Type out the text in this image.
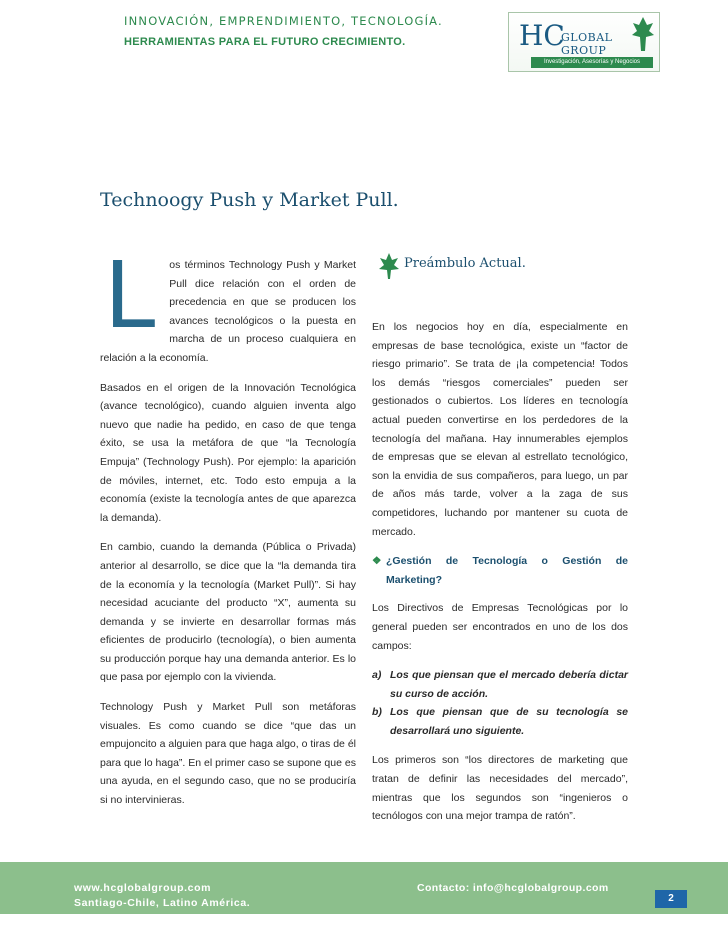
INNOVACIÓN, EMPRENDIMIENTO, TECNOLOGÍA.
HERRAMIENTAS PARA EL FUTURO CRECIMIENTO.	HC
GLOBAL GROUP
Investigación, Asesorías y Negocios
Technoogy Push y Market Pull.

L os términos Technology Push y Market Pull dice relación con el orden de precedencia en que se producen los avances tecnológicos o la puesta en marcha de un proceso cualquiera en relación a la economía.

Basados en el origen de la Innovación Tecnológica (avance tecnológico), cuando alguien inventa algo nuevo que nadie ha pedido, en caso de que tenga éxito, se usa la metáfora de que “la Tecnología Empuja” (Technology Push). Por ejemplo: la aparición de móviles, internet, etc. Todo esto empuja a la economía (existe la tecnología antes de que aparezca la demanda).

En cambio, cuando la demanda (Pública o Privada) anterior al desarrollo, se dice que la “la demanda tira de la economía y la tecnología (Market Pull)”. Si hay necesidad acuciante del producto “X”, aumenta su demanda y se invierte en desarrollar formas más eficientes de producirlo (tecnología), o bien aumenta su producción porque hay una demanda anterior. Es lo que pasa por ejemplo con la vivienda.

Technology Push y Market Pull son metáforas visuales. Es como cuando se dice “que das un empujoncito a alguien para que haga algo, o tiras de él para que lo haga”. En el primer caso se supone que es una ayuda, en el segundo caso, que no se produciría si no intervinieras.

Preámbulo Actual.

En los negocios hoy en día, especialmente en empresas de base tecnológica, existe un “factor de riesgo primario”. Se trata de ¡la competencia! Todos los demás “riesgos comerciales” pueden ser gestionados o cubiertos. Los líderes en tecnología actual pueden convertirse en los perdedores de la tecnología del mañana. Hay innumerables ejemplos de empresas que se elevan al estrellato tecnológico, son la envidia de sus compañeros, para luego, un par de años más tarde, volver a la zaga de sus competidores, luchando por mantener su cuota de mercado.

❖ ¿Gestión de Tecnología o Gestión de Marketing?

Los Directivos de Empresas Tecnológicas por lo general pueden ser encontrados en uno de los dos campos:

a) Los que piensan que el mercado debería dictar su curso de acción.
b) Los que piensan que de su tecnología se desarrollará uno siguiente.

Los primeros son “los directores de marketing que tratan de definir las necesidades del mercado”, mientras que los segundos son “ingenieros o tecnólogos con una mejor trampa de ratón”.

www.hcglobalgroup.com
Santiago-Chile, Latino América.
Contacto: info@hcglobalgroup.com
2
